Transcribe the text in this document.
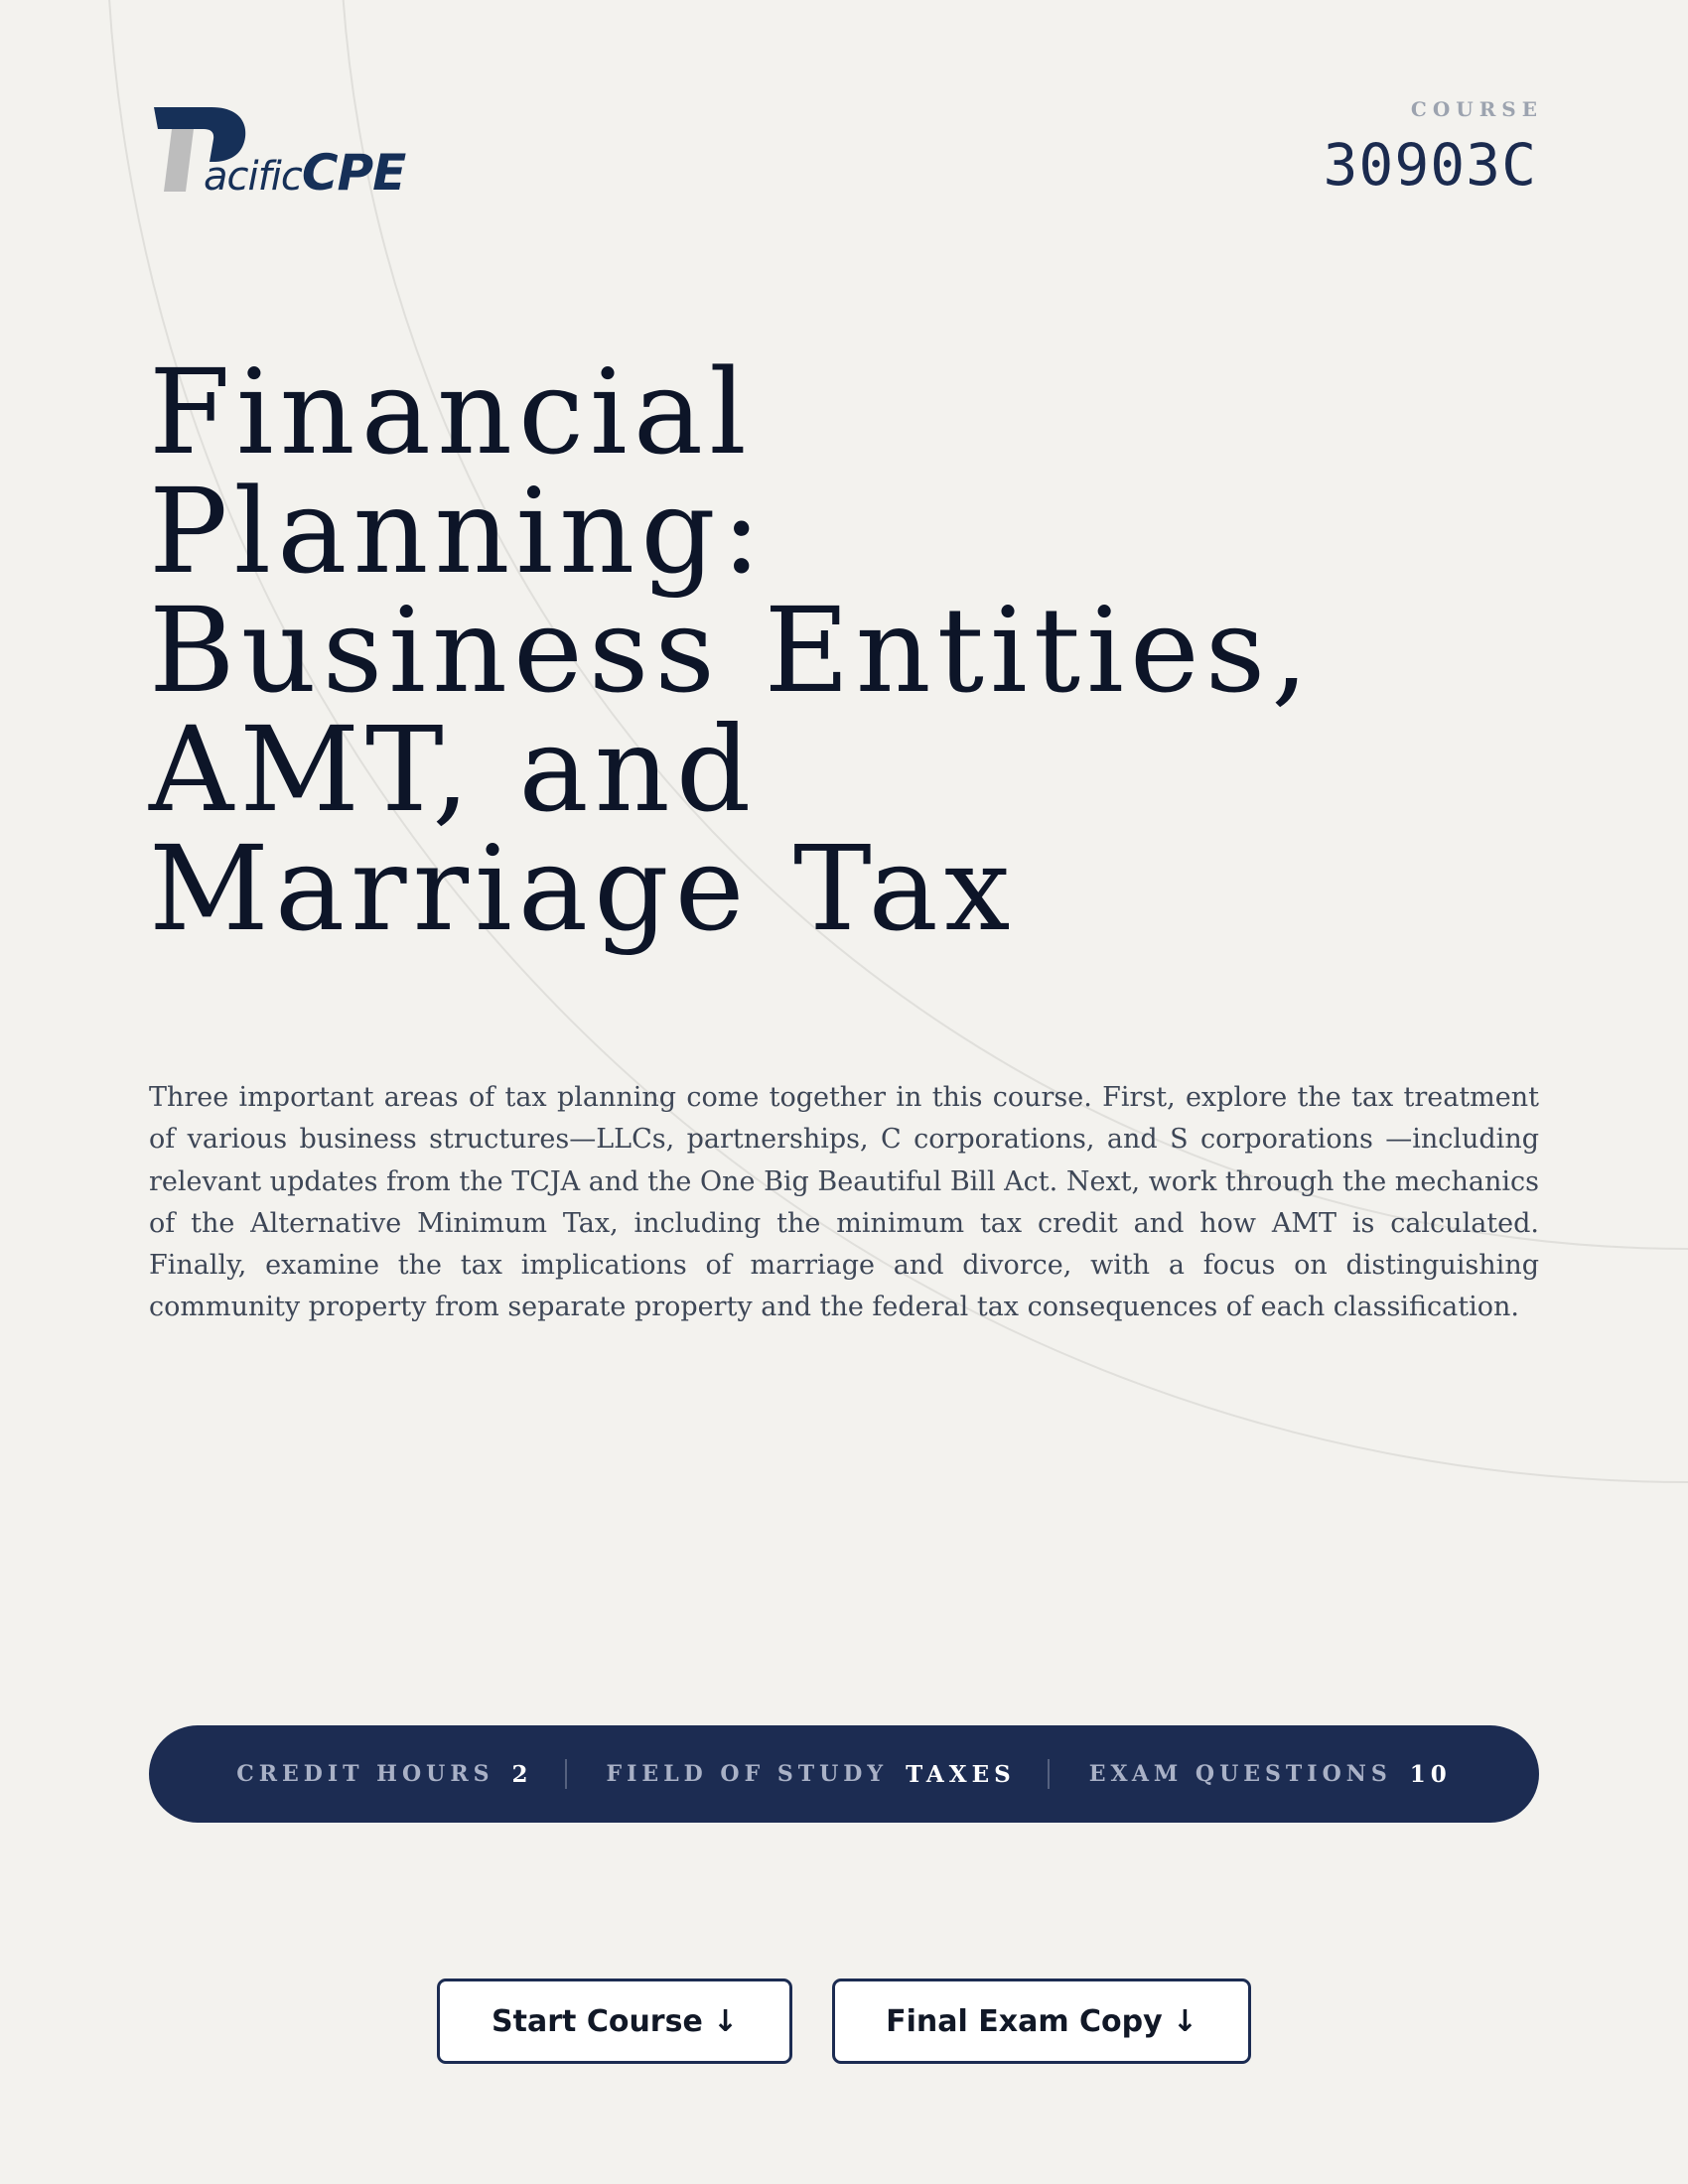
acificCPE
COURSE
30903C
Financial
Planning:
Business Entities,
AMT, and
Marriage Tax

Three important areas of tax planning come together in this course. First, explore the tax treatment of various business structures—LLCs, partnerships, C corporations, and S corporations —including relevant updates from the TCJA and the One Big Beautiful Bill Act. Next, work through the mechanics of the Alternative Minimum Tax, including the minimum tax credit and how AMT is calculated. Finally, examine the tax implications of marriage and divorce, with a focus on distinguishing community property from separate property and the federal tax consequences of each classification.

CREDIT HOURS 2	FIELD OF STUDY TAXES	EXAM QUESTIONS 10
Start Course ↓	Final Exam Copy ↓
